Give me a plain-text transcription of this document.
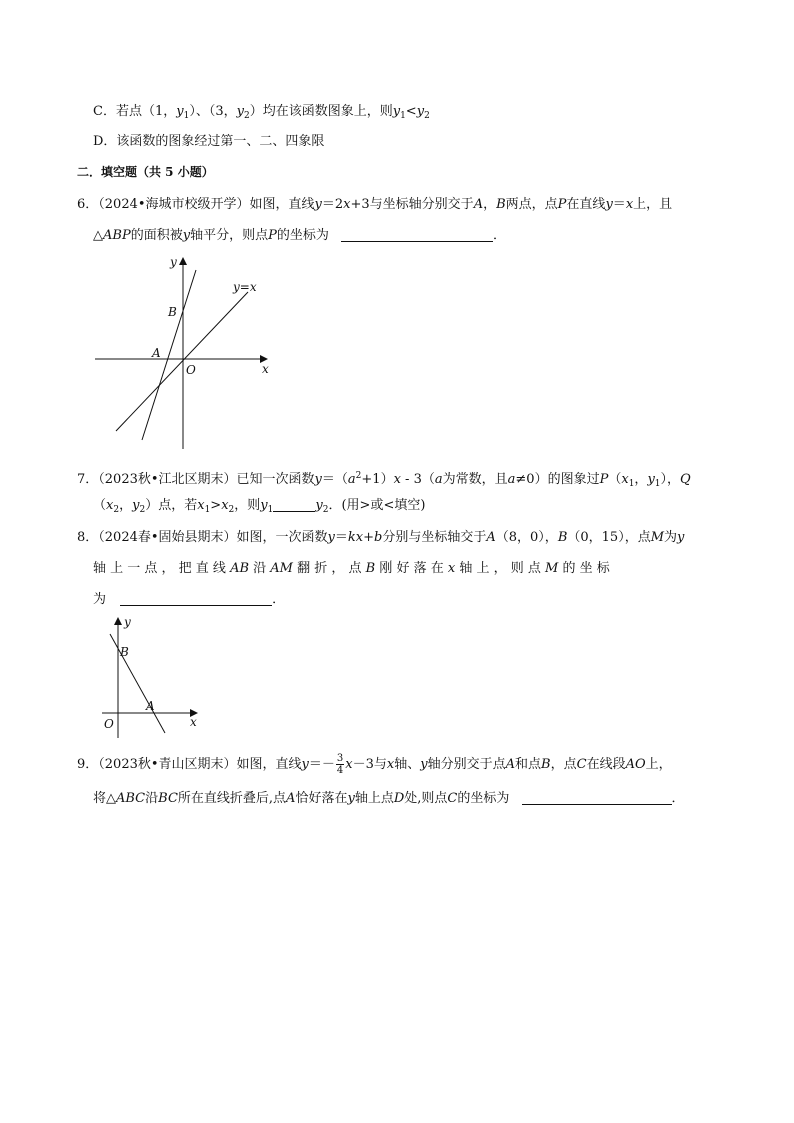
C．若点（1，$y_1$）、（3，$y_2$）均在该函数图象上，则$y_1<y_2$
D．该函数的图象经过第一、二、四象限
二．填空题（共 5 小题）
6．（2024•海城市校级开学）如图，直线y＝2x+3与坐标轴分别交于A，B两点，点P在直线y＝x上，且
△ABP的面积被y轴平分，则点P的坐标为	．
y
x
O
A
B
y=x
7．（2023秋•江北区期末）已知一次函数$y=(a^2+1)x - 3(a$为常数，且a≠0）的图象过$P(x_1$，$y_1$），Q
（$x_2$，$y_2$）点，若$x_1>x_2$，则$y_1$	$y_2$．(用>或<填空)
8．（2024春•固始县期末）如图，一次函数y＝kx+b分别与坐标轴交于A（8，0），B（0，15），点M为y
轴 上 一 点 ， 把 直 线 AB 沿 AM 翻 折 ， 点 B 刚 好 落 在 x 轴 上 ， 则 点 M 的 坐 标
为	．
y
x
O
A
B
9．（2023秋•青山区期末）如图，直线$y=- \frac{3}{4} x-3$与x轴、y轴分别交于点A和点B，点C在线段AO上，
将△ABC沿BC所在直线折叠后,点A恰好落在y轴上点D处,则点C的坐标为	．
